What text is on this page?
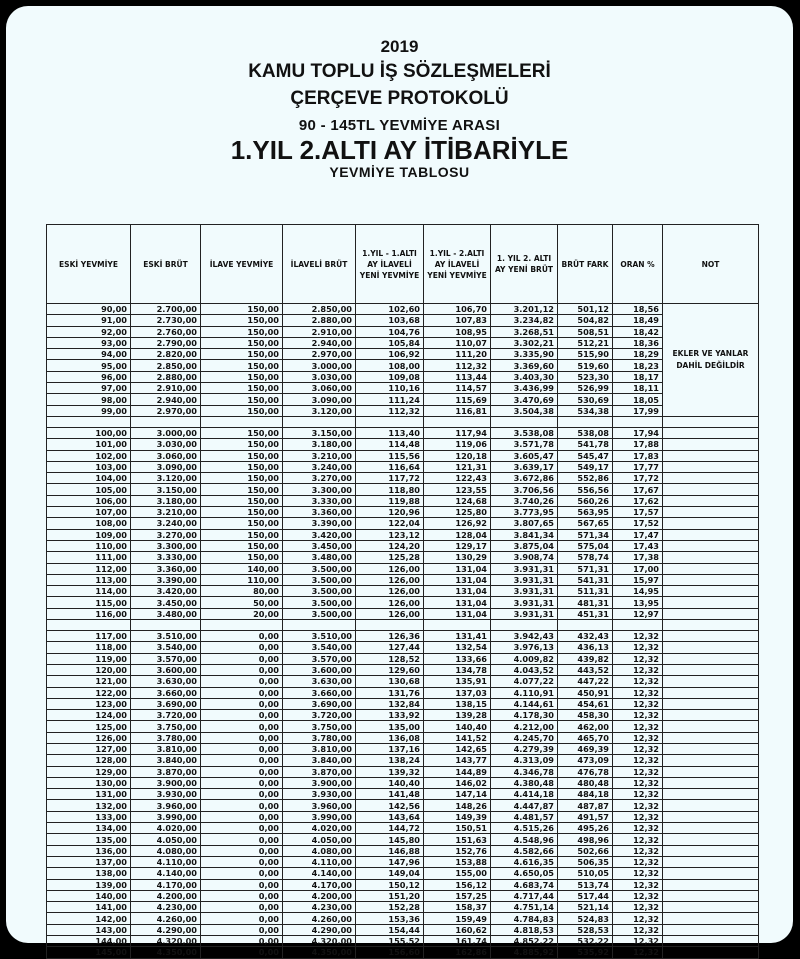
2019
KAMU TOPLU İŞ SÖZLEŞMELERİ
ÇERÇEVE PROTOKOLÜ
90 - 145TL YEVMİYE ARASI
1.YIL 2.ALTI AY İTİBARİYLE
YEVMİYE TABLOSU
ESKİ YEVMİYE	ESKİ BRÜT	İLAVE YEVMİYE	İLAVELİ BRÜT	1.YIL - 1.ALTI AY İLAVELİ YENİ YEVMİYE	1.YIL - 2.ALTI AY İLAVELİ YENİ YEVMİYE	1. YIL 2. ALTI AY YENİ BRÜT	BRÜT FARK	ORAN %	NOT
90,00	2.700,00	150,00	2.850,00	102,60	106,70	3.201,12	501,12	18,56	EKLER VE YANLAR DAHİL DEĞİLDİR
91,00	2.730,00	150,00	2.880,00	103,68	107,83	3.234,82	504,82	18,49	
92,00	2.760,00	150,00	2.910,00	104,76	108,95	3.268,51	508,51	18,42	
93,00	2.790,00	150,00	2.940,00	105,84	110,07	3.302,21	512,21	18,36	
94,00	2.820,00	150,00	2.970,00	106,92	111,20	3.335,90	515,90	18,29	
95,00	2.850,00	150,00	3.000,00	108,00	112,32	3.369,60	519,60	18,23	
96,00	2.880,00	150,00	3.030,00	109,08	113,44	3.403,30	523,30	18,17	
97,00	2.910,00	150,00	3.060,00	110,16	114,57	3.436,99	526,99	18,11	
98,00	2.940,00	150,00	3.090,00	111,24	115,69	3.470,69	530,69	18,05	
99,00	2.970,00	150,00	3.120,00	112,32	116,81	3.504,38	534,38	17,99	

100,00	3.000,00	150,00	3.150,00	113,40	117,94	3.538,08	538,08	17,94	
101,00	3.030,00	150,00	3.180,00	114,48	119,06	3.571,78	541,78	17,88	
102,00	3.060,00	150,00	3.210,00	115,56	120,18	3.605,47	545,47	17,83	
103,00	3.090,00	150,00	3.240,00	116,64	121,31	3.639,17	549,17	17,77	
104,00	3.120,00	150,00	3.270,00	117,72	122,43	3.672,86	552,86	17,72	
105,00	3.150,00	150,00	3.300,00	118,80	123,55	3.706,56	556,56	17,67	
106,00	3.180,00	150,00	3.330,00	119,88	124,68	3.740,26	560,26	17,62	
107,00	3.210,00	150,00	3.360,00	120,96	125,80	3.773,95	563,95	17,57	
108,00	3.240,00	150,00	3.390,00	122,04	126,92	3.807,65	567,65	17,52	
109,00	3.270,00	150,00	3.420,00	123,12	128,04	3.841,34	571,34	17,47	
110,00	3.300,00	150,00	3.450,00	124,20	129,17	3.875,04	575,04	17,43	
111,00	3.330,00	150,00	3.480,00	125,28	130,29	3.908,74	578,74	17,38	
112,00	3.360,00	140,00	3.500,00	126,00	131,04	3.931,31	571,31	17,00	
113,00	3.390,00	110,00	3.500,00	126,00	131,04	3.931,31	541,31	15,97	
114,00	3.420,00	80,00	3.500,00	126,00	131,04	3.931,31	511,31	14,95	
115,00	3.450,00	50,00	3.500,00	126,00	131,04	3.931,31	481,31	13,95	
116,00	3.480,00	20,00	3.500,00	126,00	131,04	3.931,31	451,31	12,97	

117,00	3.510,00	0,00	3.510,00	126,36	131,41	3.942,43	432,43	12,32	
118,00	3.540,00	0,00	3.540,00	127,44	132,54	3.976,13	436,13	12,32	
119,00	3.570,00	0,00	3.570,00	128,52	133,66	4.009,82	439,82	12,32	
120,00	3.600,00	0,00	3.600,00	129,60	134,78	4.043,52	443,52	12,32	
121,00	3.630,00	0,00	3.630,00	130,68	135,91	4.077,22	447,22	12,32	
122,00	3.660,00	0,00	3.660,00	131,76	137,03	4.110,91	450,91	12,32	
123,00	3.690,00	0,00	3.690,00	132,84	138,15	4.144,61	454,61	12,32	
124,00	3.720,00	0,00	3.720,00	133,92	139,28	4.178,30	458,30	12,32	
125,00	3.750,00	0,00	3.750,00	135,00	140,40	4.212,00	462,00	12,32	
126,00	3.780,00	0,00	3.780,00	136,08	141,52	4.245,70	465,70	12,32	
127,00	3.810,00	0,00	3.810,00	137,16	142,65	4.279,39	469,39	12,32	
128,00	3.840,00	0,00	3.840,00	138,24	143,77	4.313,09	473,09	12,32	
129,00	3.870,00	0,00	3.870,00	139,32	144,89	4.346,78	476,78	12,32	
130,00	3.900,00	0,00	3.900,00	140,40	146,02	4.380,48	480,48	12,32	
131,00	3.930,00	0,00	3.930,00	141,48	147,14	4.414,18	484,18	12,32	
132,00	3.960,00	0,00	3.960,00	142,56	148,26	4.447,87	487,87	12,32	
133,00	3.990,00	0,00	3.990,00	143,64	149,39	4.481,57	491,57	12,32	
134,00	4.020,00	0,00	4.020,00	144,72	150,51	4.515,26	495,26	12,32	
135,00	4.050,00	0,00	4.050,00	145,80	151,63	4.548,96	498,96	12,32	
136,00	4.080,00	0,00	4.080,00	146,88	152,76	4.582,66	502,66	12,32	
137,00	4.110,00	0,00	4.110,00	147,96	153,88	4.616,35	506,35	12,32	
138,00	4.140,00	0,00	4.140,00	149,04	155,00	4.650,05	510,05	12,32	
139,00	4.170,00	0,00	4.170,00	150,12	156,12	4.683,74	513,74	12,32	
140,00	4.200,00	0,00	4.200,00	151,20	157,25	4.717,44	517,44	12,32	
141,00	4.230,00	0,00	4.230,00	152,28	158,37	4.751,14	521,14	12,32	
142,00	4.260,00	0,00	4.260,00	153,36	159,49	4.784,83	524,83	12,32	
143,00	4.290,00	0,00	4.290,00	154,44	160,62	4.818,53	528,53	12,32	
144,00	4.320,00	0,00	4.320,00	155,52	161,74	4.852,22	532,22	12,32	
145,00	4.350,00	0,00	4.350,00	156,60	162,86	4.885,92	535,92	12,32	
